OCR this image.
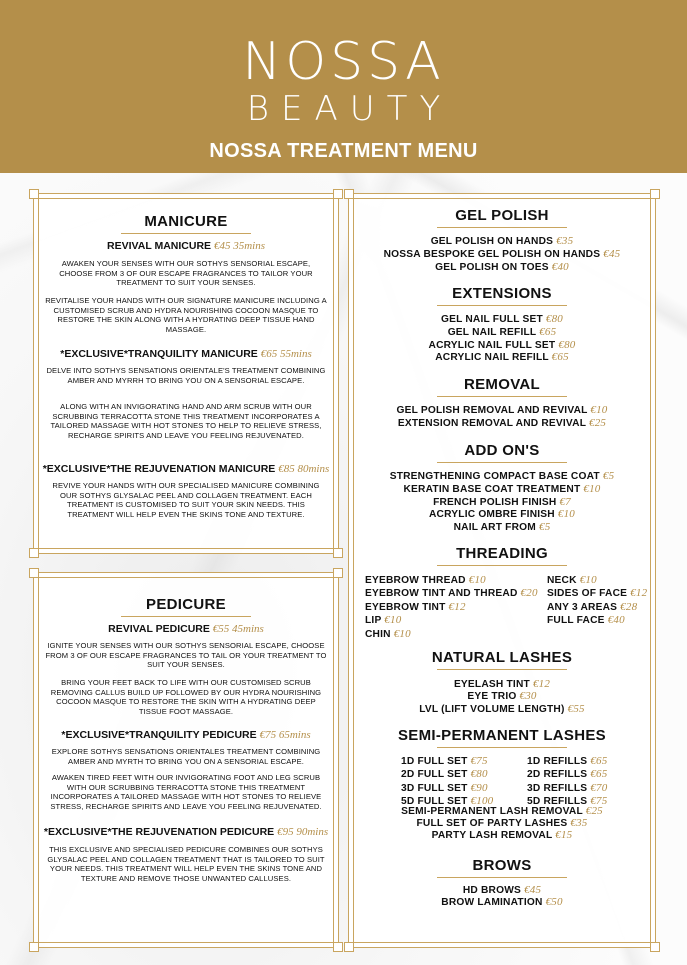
NOSSA
BEAUTY
NOSSA TREATMENT MENU
MANICURE
REVIVAL MANICURE €45 35mins
AWAKEN YOUR SENSES WITH OUR SOTHYS SENSORIAL ESCAPE, CHOOSE FROM 3 OF OUR ESCAPE FRAGRANCES TO TAILOR YOUR TREATMENT TO SUIT YOUR SENSES.
REVITALISE YOUR HANDS WITH OUR SIGNATURE MANICURE INCLUDING A CUSTOMISED SCRUB AND HYDRA NOURISHING COCOON MASQUE TO RESTORE THE SKIN ALONG WITH A HYDRATING DEEP TISSUE HAND MASSAGE.
*EXCLUSIVE*TRANQUILITY MANICURE €65 55mins
DELVE INTO SOTHYS SENSATIONS ORIENTALE'S TREATMENT COMBINING AMBER AND MYRRH TO BRING YOU ON A SENSORIAL ESCAPE.
ALONG WITH AN INVIGORATING HAND AND ARM SCRUB WITH OUR SCRUBBING TERRACOTTA STONE THIS TREATMENT INCORPORATES A TAILORED MASSAGE WITH HOT STONES TO HELP TO RELIEVE STRESS, RECHARGE SPIRITS AND LEAVE YOU FEELING REJUVENATED.
*EXCLUSIVE*THE REJUVENATION MANICURE €85 80mins
REVIVE YOUR HANDS WITH OUR SPECIALISED MANICURE COMBINING OUR SOTHYS GLYSALAC PEEL AND COLLAGEN TREATMENT. EACH TREATMENT IS CUSTOMISED TO SUIT YOUR SKIN NEEDS. THIS TREATMENT WILL HELP EVEN THE SKINS TONE AND TEXTURE.
PEDICURE
REVIVAL PEDICURE €55 45mins
IGNITE YOUR SENSES WITH OUR SOTHYS SENSORIAL ESCAPE, CHOOSE FROM 3 OF OUR ESCAPE FRAGRANCES TO TAIL OR YOUR TREATMENT TO SUIT YOUR SENSES.
BRING YOUR FEET BACK TO LIFE WITH OUR CUSTOMISED SCRUB REMOVING CALLUS BUILD UP FOLLOWED BY OUR HYDRA NOURISHING COCOON MASQUE TO RESTORE THE SKIN WITH A HYDRATING DEEP TISSUE FOOT MASSAGE.
*EXCLUSIVE*TRANQUILITY PEDICURE €75 65mins
EXPLORE SOTHYS SENSATIONS ORIENTALES TREATMENT COMBINING AMBER AND MYRTH TO BRING YOU ON A SENSORIAL ESCAPE.
AWAKEN TIRED FEET WITH OUR INVIGORATING FOOT AND LEG SCRUB WITH OUR SCRUBBING TERRACOTTA STONE THIS TREATMENT INCORPORATES A TAILORED MASSAGE WITH HOT STONES TO RELIEVE STRESS, RECHARGE SPIRITS AND LEAVE YOU FEELING REJUVENATED.
*EXCLUSIVE*THE REJUVENATION PEDICURE €95 90mins
THIS EXCLUSIVE AND SPECIALISED PEDICURE COMBINES OUR SOTHYS GLYSALAC PEEL AND COLLAGEN TREATMENT THAT IS TAILORED TO SUIT YOUR NEEDS. THIS TREATMENT WILL HELP EVEN THE SKINS TONE AND TEXTURE AND REMOVE THOSE UNWANTED CALLUSES.
GEL POLISH
GEL POLISH ON HANDS €35
NOSSA BESPOKE GEL POLISH ON HANDS €45
GEL POLISH ON TOES €40
EXTENSIONS
GEL NAIL FULL SET €80
GEL NAIL REFILL €65
ACRYLIC NAIL FULL SET €80
ACRYLIC NAIL REFILL €65
REMOVAL
GEL POLISH REMOVAL AND REVIVAL €10
EXTENSION REMOVAL AND REVIVAL €25
ADD ON'S
STRENGTHENING COMPACT BASE COAT €5
KERATIN BASE COAT TREATMENT €10
FRENCH POLISH FINISH €7
ACRYLIC OMBRE FINISH €10
NAIL ART FROM €5
THREADING
EYEBROW THREAD €10
EYEBROW TINT AND THREAD €20
EYEBROW TINT €12
LIP €10
CHIN €10
NECK €10
SIDES OF FACE €12
ANY 3 AREAS €28
FULL FACE €40
NATURAL LASHES
EYELASH TINT €12
EYE TRIO €30
LVL (LIFT VOLUME LENGTH) €55
SEMI-PERMANENT LASHES
1D FULL SET €75
2D FULL SET €80
3D FULL SET €90
5D FULL SET €100
1D REFILLS €65
2D REFILLS €65
3D REFILLS €70
5D REFILLS €75
SEMI-PERMANENT LASH REMOVAL €25
FULL SET OF PARTY LASHES €35
PARTY LASH REMOVAL €15
BROWS
HD BROWS €45
BROW LAMINATION €50
